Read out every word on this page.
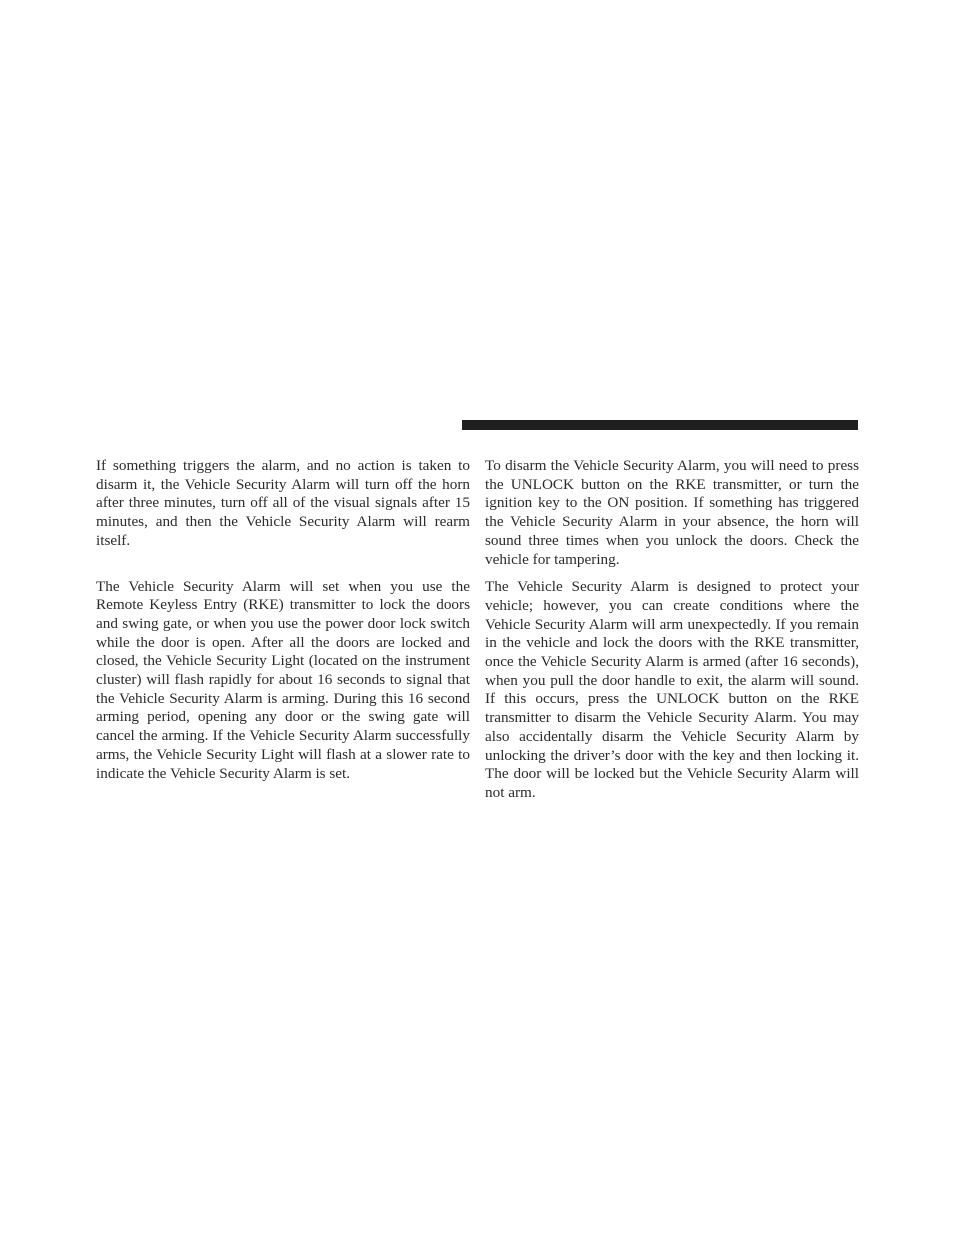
If something triggers the alarm, and no action is taken to disarm it, the Vehicle Security Alarm will turn off the horn after three minutes, turn off all of the visual signals after 15 minutes, and then the Vehicle Security Alarm will rearm itself.

The Vehicle Security Alarm will set when you use the Remote Keyless Entry (RKE) transmitter to lock the doors and swing gate, or when you use the power door lock switch while the door is open. After all the doors are locked and closed, the Vehicle Security Light (located on the instrument cluster) will flash rapidly for about 16 seconds to signal that the Vehicle Security Alarm is arming. During this 16 second arming period, opening any door or the swing gate will cancel the arming. If the Vehicle Security Alarm successfully arms, the Vehicle Security Light will flash at a slower rate to indicate the Vehicle Security Alarm is set.

To disarm the Vehicle Security Alarm, you will need to press the UNLOCK button on the RKE transmitter, or turn the ignition key to the ON position. If something has triggered the Vehicle Security Alarm in your absence, the horn will sound three times when you unlock the doors. Check the vehicle for tampering.

The Vehicle Security Alarm is designed to protect your vehicle; however, you can create conditions where the Vehicle Security Alarm will arm unexpectedly. If you remain in the vehicle and lock the doors with the RKE transmitter, once the Vehicle Security Alarm is armed (after 16 seconds), when you pull the door handle to exit, the alarm will sound. If this occurs, press the UNLOCK button on the RKE transmitter to disarm the Vehicle Security Alarm. You may also accidentally disarm the Vehicle Security Alarm by unlocking the driver’s door with the key and then locking it. The door will be locked but the Vehicle Security Alarm will not arm.
